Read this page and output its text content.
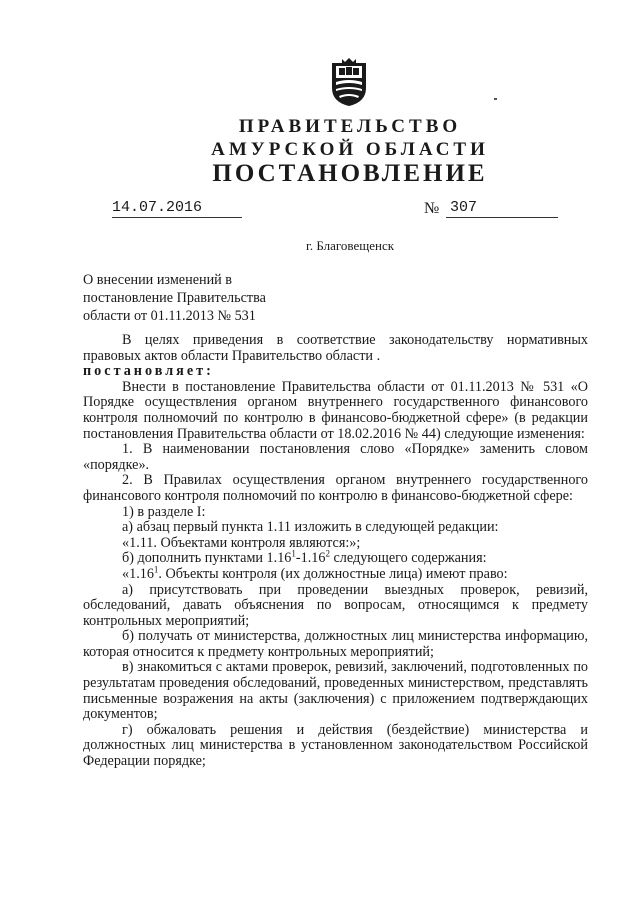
ПРАВИТЕЛЬСТВО
АМУРСКОЙ ОБЛАСТИ
ПОСТАНОВЛЕНИЕ
14.07.2016	№ 307
г. Благовещенск
О внесении изменений в
постановление Правительства
области от 01.11.2013 № 531

В целях приведения в соответствие законодательству нормативных правовых актов области Правительство области .

постановляет:

Внести в постановление Правительства области от 01.11.2013 № 531 «О Порядке осуществления органом внутреннего государственного финансового контроля полномочий по контролю в финансово-бюджетной сфере» (в редакции постановления Правительства области от 18.02.2016 № 44) следующие изменения:

1. В наименовании постановления слово «Порядке» заменить словом «порядке».

2. В Правилах осуществления органом внутреннего государственного финансового контроля полномочий по контролю в финансово-бюджетной сфере:

1) в разделе I:

а) абзац первый пункта 1.11 изложить в следующей редакции:

«1.11. Объектами контроля являются:»;

б) дополнить пунктами 1.16$^1$-1.16$^2$ следующего содержания:

«1.16$^1$. Объекты контроля (их должностные лица) имеют право:

а) присутствовать при проведении выездных проверок, ревизий, обследований, давать объяснения по вопросам, относящимся к предмету контрольных мероприятий;

б) получать от министерства, должностных лиц министерства информацию, которая относится к предмету контрольных мероприятий;

в) знакомиться с актами проверок, ревизий, заключений, подготовленных по результатам проведения обследований, проведенных министерством, представлять письменные возражения на акты (заключения) с приложением подтверждающих документов;

г) обжаловать решения и действия (бездействие) министерства и должностных лиц министерства в установленном законодательством Российской Федерации порядке;
